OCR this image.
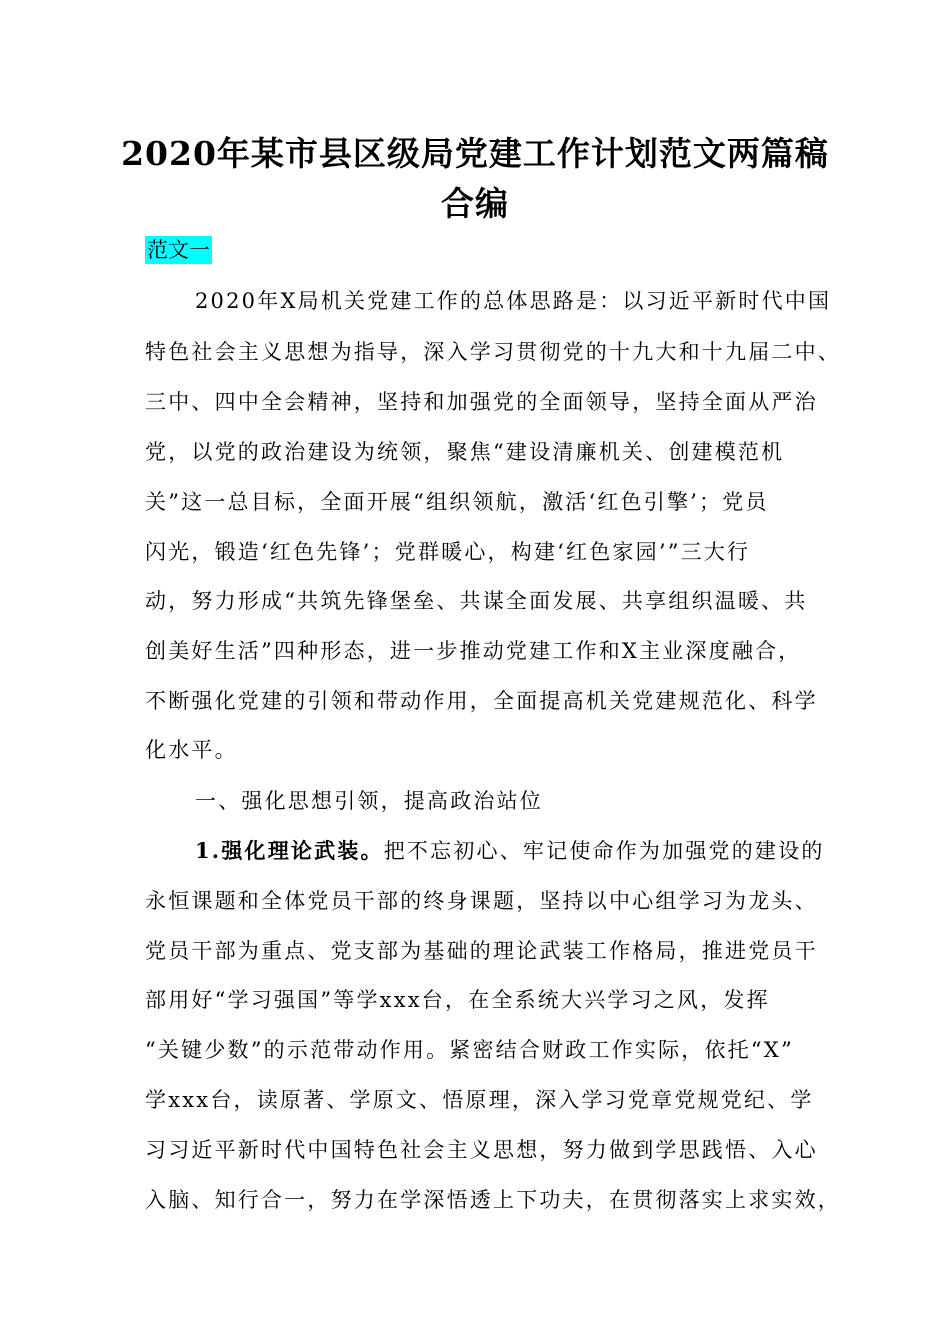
2020年某市县区级局党建工作计划范文两篇稿
合编
范文一
2020年X局机关党建工作的总体思路是：以习近平新时代中国
特色社会主义思想为指导，深入学习贯彻党的十九大和十九届二中、
三中、四中全会精神，坚持和加强党的全面领导，坚持全面从严治
党，以党的政治建设为统领，聚焦“建设清廉机关、创建模范机
关”这一总目标，全面开展“组织领航，激活‘红色引擎’；党员
闪光，锻造‘红色先锋’；党群暖心，构建‘红色家园’”三大行
动，努力形成“共筑先锋堡垒、共谋全面发展、共享组织温暖、共
创美好生活”四种形态，进一步推动党建工作和X主业深度融合，
不断强化党建的引领和带动作用，全面提高机关党建规范化、科学
化水平。
一、强化思想引领，提高政治站位
1.强化理论武装。把不忘初心、牢记使命作为加强党的建设的
永恒课题和全体党员干部的终身课题，坚持以中心组学习为龙头、
党员干部为重点、党支部为基础的理论武装工作格局，推进党员干
部用好“学习强国”等学xxx台，在全系统大兴学习之风，发挥
“关键少数”的示范带动作用。紧密结合财政工作实际，依托“X”
学xxx台，读原著、学原文、悟原理，深入学习党章党规党纪、学
习习近平新时代中国特色社会主义思想，努力做到学思践悟、入心
入脑、知行合一，努力在学深悟透上下功夫，在贯彻落实上求实效，
